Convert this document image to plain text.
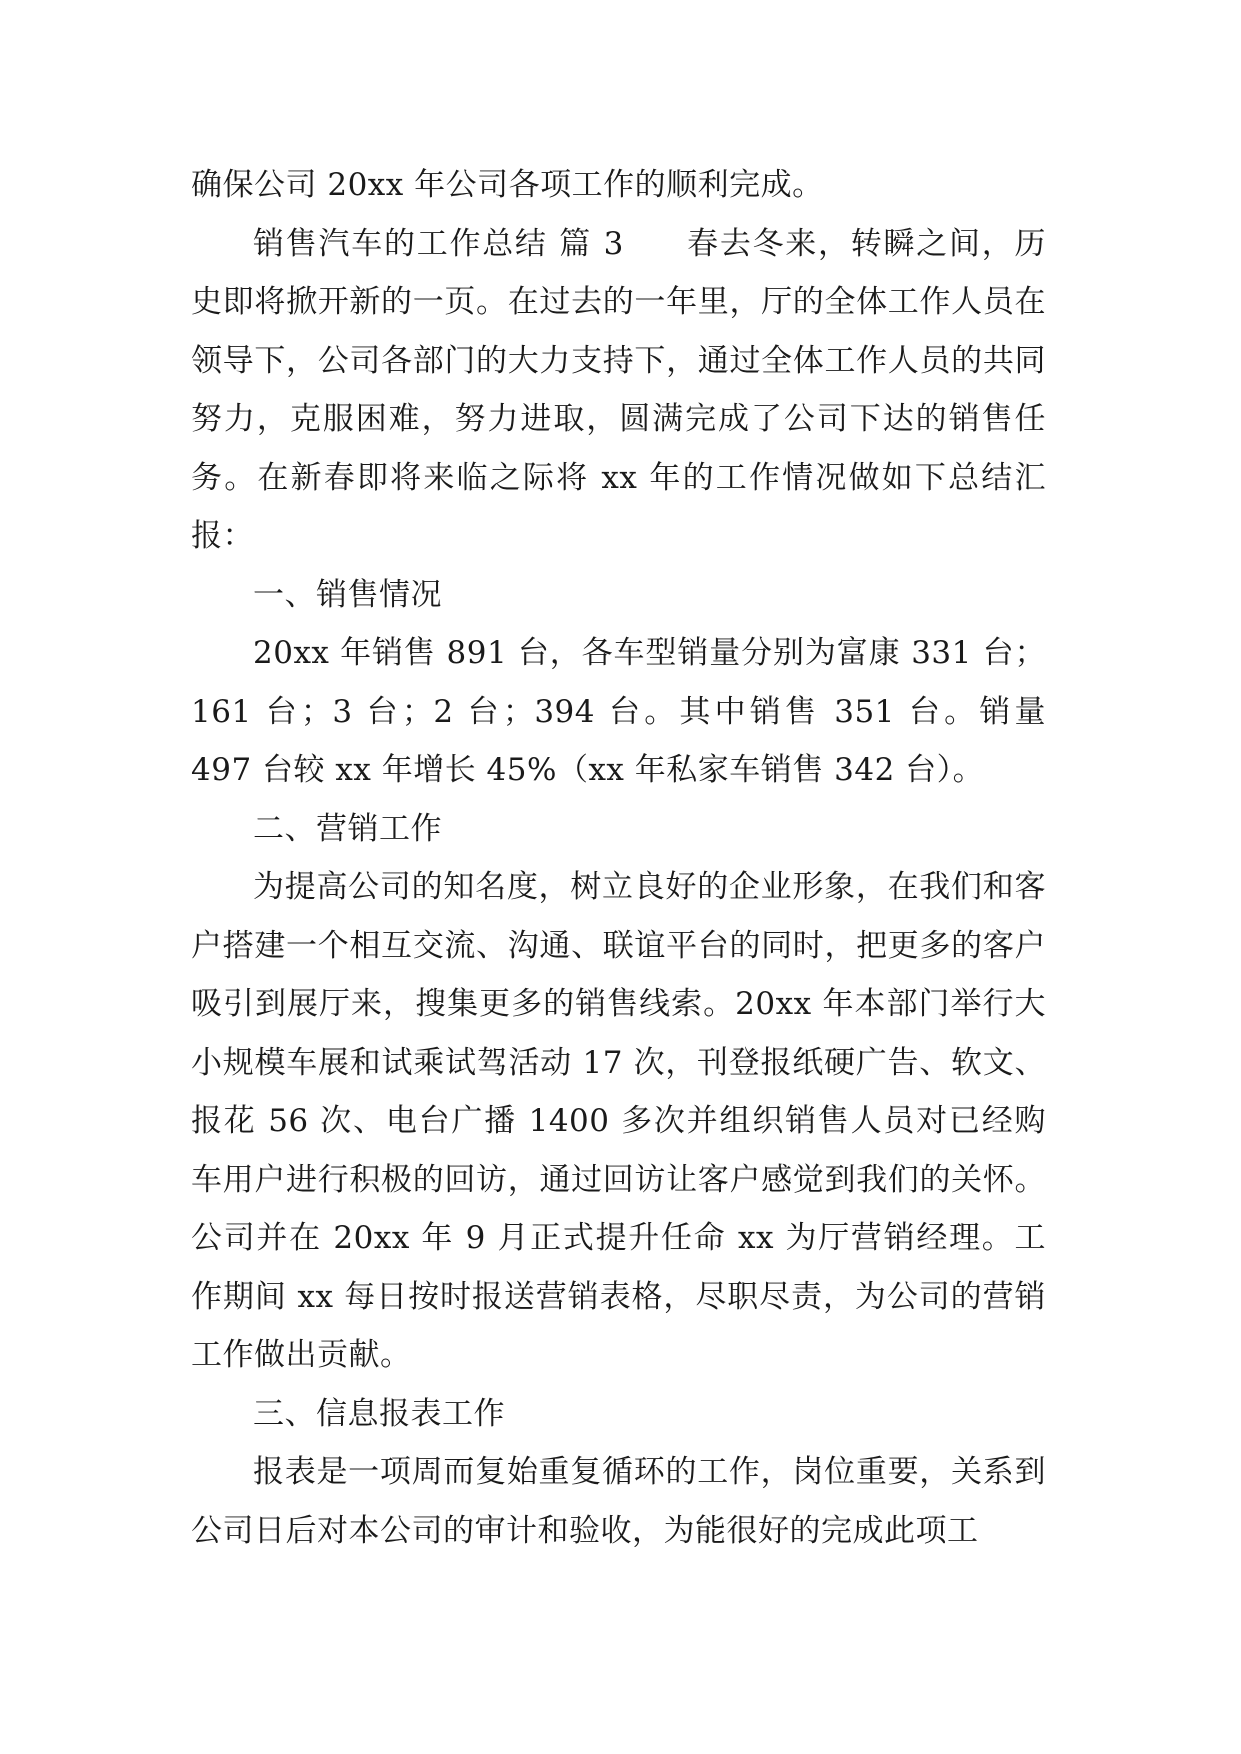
确保公司 20xx 年公司各项工作的顺利完成。

销售汽车的工作总结 篇 3 春去冬来，转瞬之间，历史即将掀开新的一页。在过去的一年里，厅的全体工作人员在领导下，公司各部门的大力支持下，通过全体工作人员的共同努力，克服困难，努力进取，圆满完成了公司下达的销售任务。在新春即将来临之际将 xx 年的工作情况做如下总结汇报：

一、销售情况

20xx 年销售 891 台，各车型销量分别为富康 331 台；161 台；3 台；2 台；394 台。其中销售 351 台。销量 497 台较 xx 年增长 45%（xx 年私家车销售 342 台）。

二、营销工作

为提高公司的知名度，树立良好的企业形象，在我们和客户搭建一个相互交流、沟通、联谊平台的同时，把更多的客户吸引到展厅来，搜集更多的销售线索。20xx 年本部门举行大小规模车展和试乘试驾活动 17 次，刊登报纸硬广告、软文、报花 56 次、电台广播 1400 多次并组织销售人员对已经购车用户进行积极的回访，通过回访让客户感觉到我们的关怀。公司并在 20xx 年 9 月正式提升任命 xx 为厅营销经理。工作期间 xx 每日按时报送营销表格，尽职尽责，为公司的营销工作做出贡献。

三、信息报表工作

报表是一项周而复始重复循环的工作，岗位重要，关系到公司日后对本公司的审计和验收，为能很好的完成此项工
